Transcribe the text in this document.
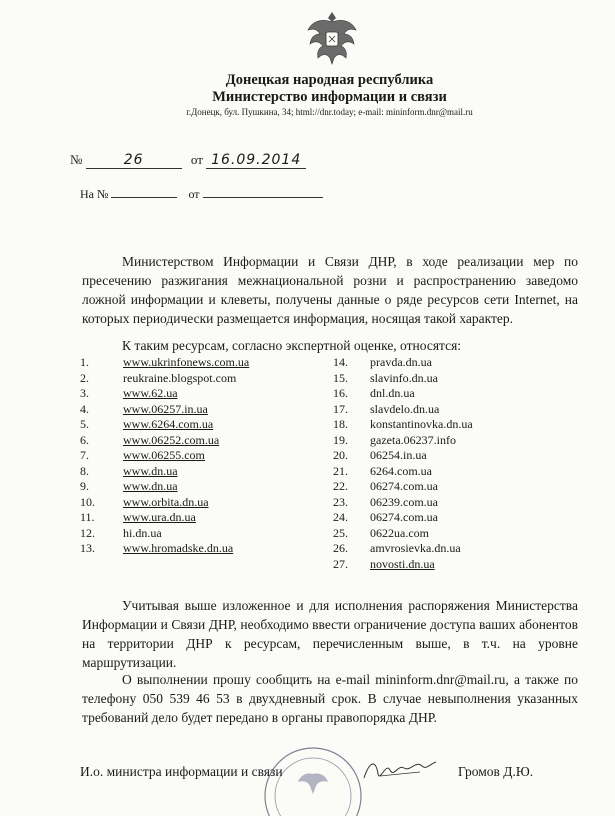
Донецкая народная республика
Министерство информации и связи
г.Донецк, бул. Пушкина, 34; html://dnr.today; e-mail: mininform.dnr@mail.ru
№	26	от 16.09.2014
На №	от
Министерством Информации и Связи ДНР, в ходе реализации мер по пресечению разжигания межнациональной розни и распространению заведомо ложной информации и клеветы, получены данные о ряде ресурсов сети Internet, на которых периодически размещается информация, носящая такой характер.
К таким ресурсам, согласно экспертной оценке, относятся:
1.	www.ukrinfonews.com.ua
2.	reukraine.blogspot.com
3.	www.62.ua
4.	www.06257.in.ua
5.	www.6264.com.ua
6.	www.06252.com.ua
7.	www.06255.com
8.	www.dn.ua
9.	www.dn.ua
10. www.orbita.dn.ua
11. www.ura.dn.ua
12. hi.dn.ua
13. www.hromadske.dn.ua
14. pravda.dn.ua
15. slavinfo.dn.ua
16. dnl.dn.ua
17. slavdelo.dn.ua
18. konstantinovka.dn.ua
19. gazeta.06237.info
20. 06254.in.ua
21. 6264.com.ua
22. 06274.com.ua
23. 06239.com.ua
24. 06274.com.ua
25. 0622ua.com
26. amvrosievka.dn.ua
27. novosti.dn.ua
Учитывая выше изложенное и для исполнения распоряжения Министерства Информации и Связи ДНР, необходимо ввести ограничение доступа ваших абонентов на территории ДНР к ресурсам, перечисленным выше, в т.ч. на уровне маршрутизации.
О выполнении прошу сообщить на e-mail mininform.dnr@mail.ru, а также по телефону 050 539 46 53 в двухдневный срок. В случае невыполнения указанных требований дело будет передано в органы правопорядка ДНР.
И.о. министра информации и связи	Громов Д.Ю.
